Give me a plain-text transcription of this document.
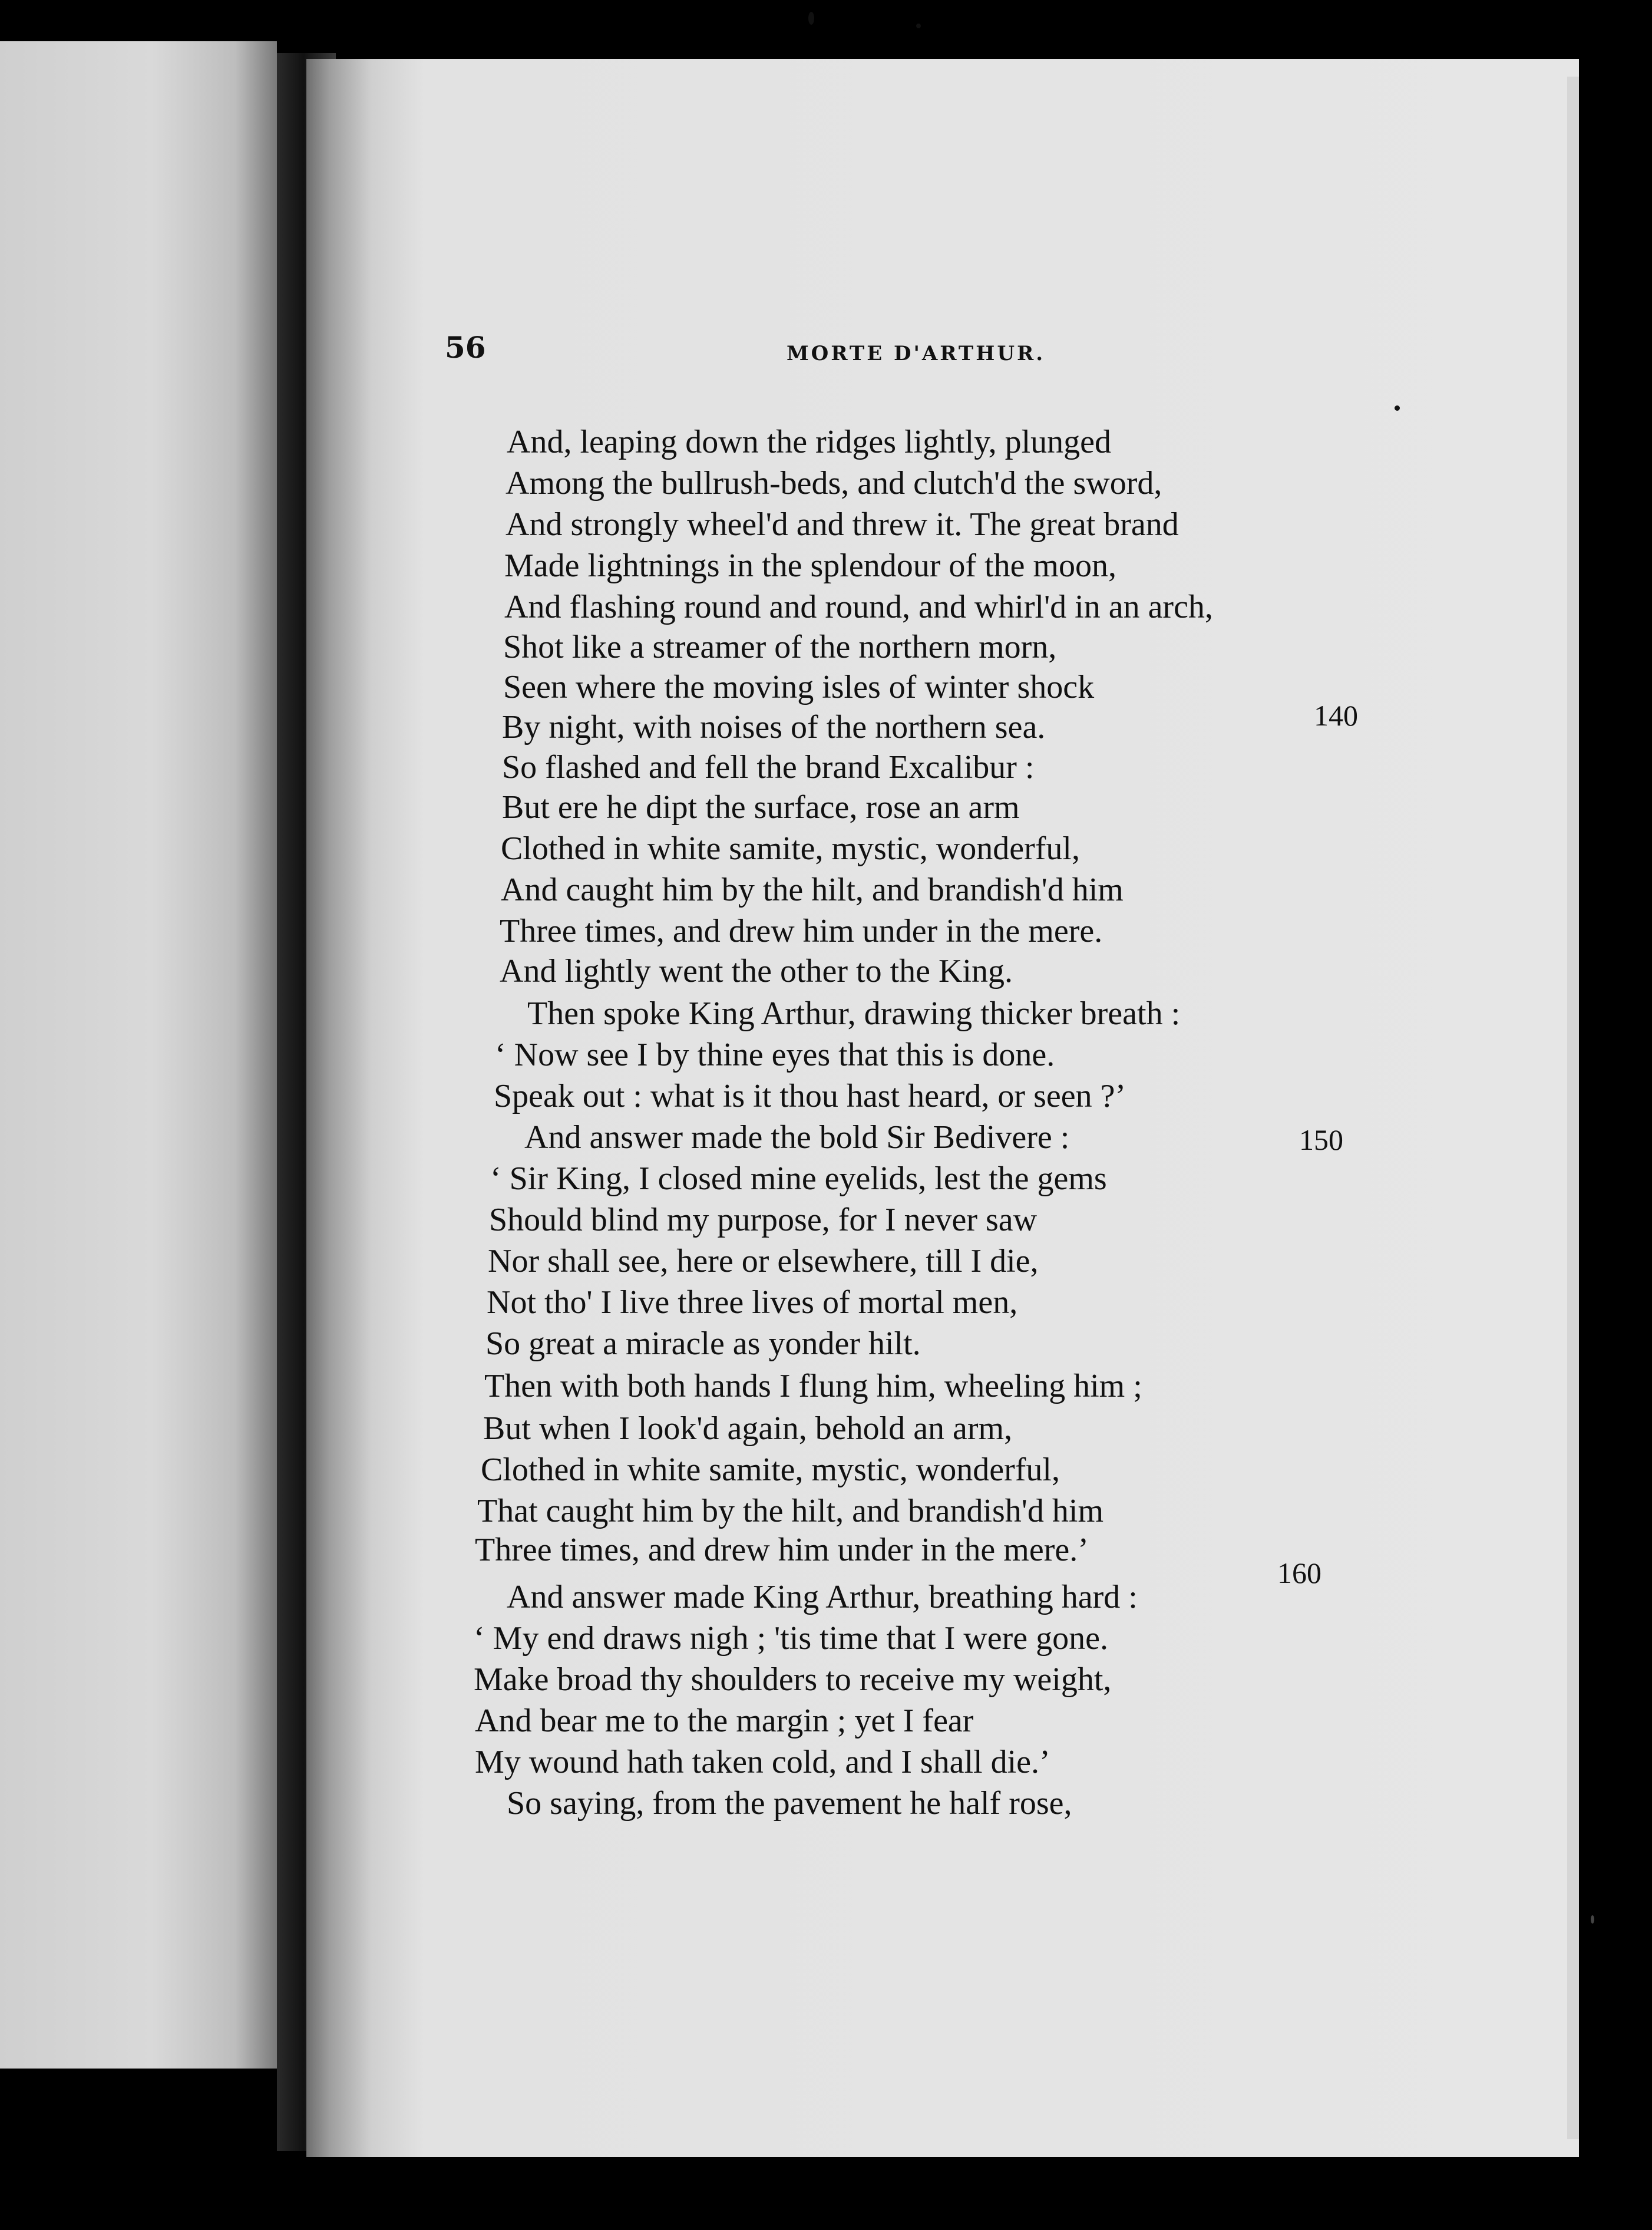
56	MORTE D'ARTHUR.
And, leaping down the ridges lightly, plunged
Among the bullrush-beds, and clutch'd the sword,
And strongly wheel'd and threw it. The great brand
Made lightnings in the splendour of the moon,
And flashing round and round, and whirl'd in an arch,
Shot like a streamer of the northern morn,
Seen where the moving isles of winter shock
By night, with noises of the northern sea.
So flashed and fell the brand Excalibur :
But ere he dipt the surface, rose an arm
Clothed in white samite, mystic, wonderful,
And caught him by the hilt, and brandish'd him
Three times, and drew him under in the mere.
And lightly went the other to the King.
Then spoke King Arthur, drawing thicker breath :
‘ Now see I by thine eyes that this is done.
Speak out : what is it thou hast heard, or seen ?’
And answer made the bold Sir Bedivere :
‘ Sir King, I closed mine eyelids, lest the gems
Should blind my purpose, for I never saw
Nor shall see, here or elsewhere, till I die,
Not tho' I live three lives of mortal men,
So great a miracle as yonder hilt.
Then with both hands I flung him, wheeling him ;
But when I look'd again, behold an arm,
Clothed in white samite, mystic, wonderful,
That caught him by the hilt, and brandish'd him
Three times, and drew him under in the mere.’
And answer made King Arthur, breathing hard :
‘ My end draws nigh ; 'tis time that I were gone.
Make broad thy shoulders to receive my weight,
And bear me to the margin ; yet I fear
My wound hath taken cold, and I shall die.’
So saying, from the pavement he half rose,
140
150
160
